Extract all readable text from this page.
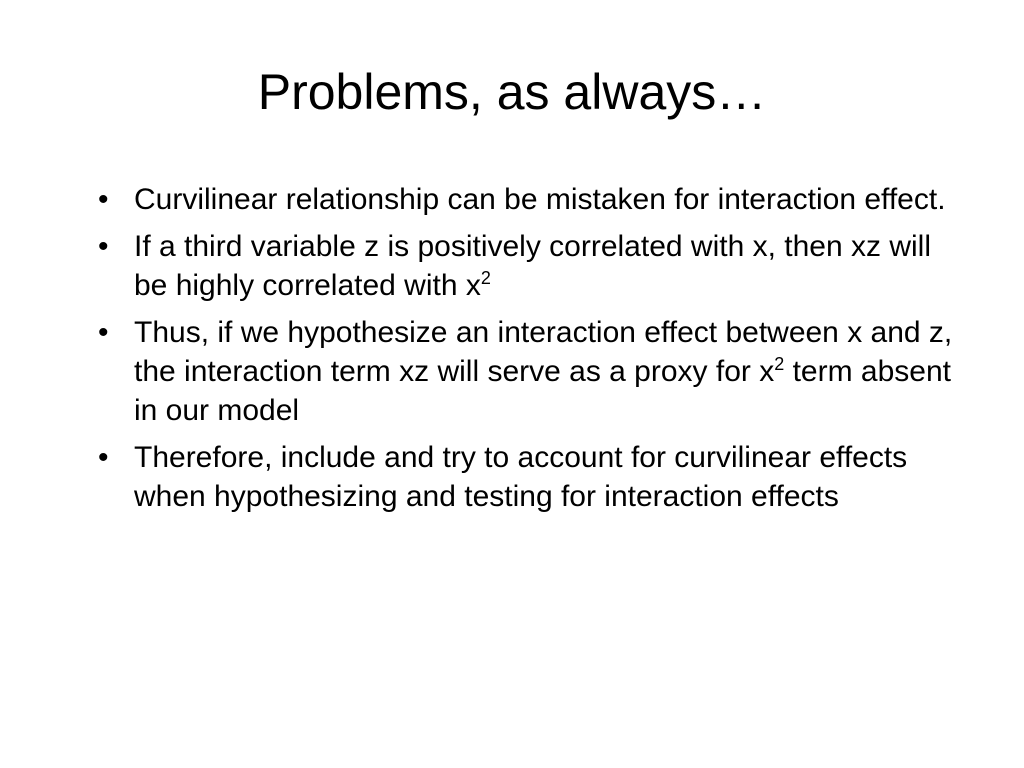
Problems, as always…
• Curvilinear relationship can be mistaken for interaction effect.
• If a third variable z is positively correlated with x, then xz will be highly correlated with $x^2$
• Thus, if we hypothesize an interaction effect between x and z, the interaction term xz will serve as a proxy for $x^2$ term absent in our model
• Therefore, include and try to account for curvilinear effects when hypothesizing and testing for interaction effects
